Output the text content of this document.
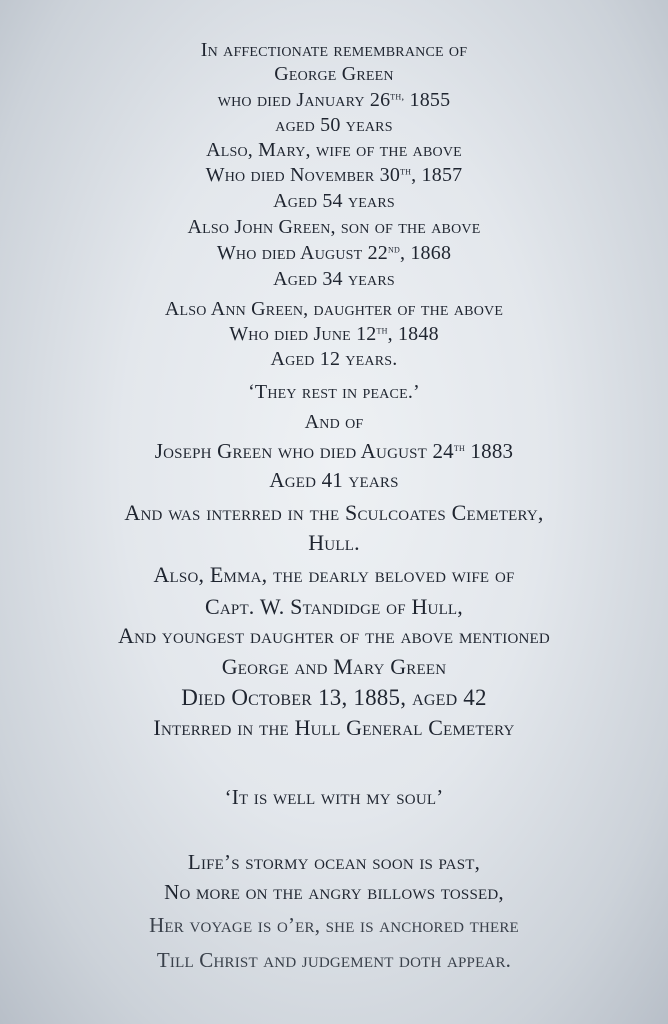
In affectionate remembrance of
George Green
who died January $26^{th,}$ 1855
aged 50 years
Also, Mary, wife of the above
Who died November 30th, 1857
Aged 54 years
Also John Green, son of the above
Who died August 22nd, 1868
Aged 34 years
Also Ann Green, daughter of the above
Who died June 12th, 1848
Aged 12 years.
‘They rest in peace.’
And of
Joseph Green who died August 24th 1883
Aged 41 years
And was interred in the Sculcoates Cemetery,
Hull.
Also, Emma, the dearly beloved wife of
Capt. W. Standidge of Hull,
And youngest daughter of the above mentioned
George and Mary Green
Died October 13, 1885, aged 42
Interred in the Hull General Cemetery
‘It is well with my soul’
Life’s stormy ocean soon is past,
No more on the angry billows tossed,
Her voyage is o’er, she is anchored there
Till Christ and judgement doth appear.
